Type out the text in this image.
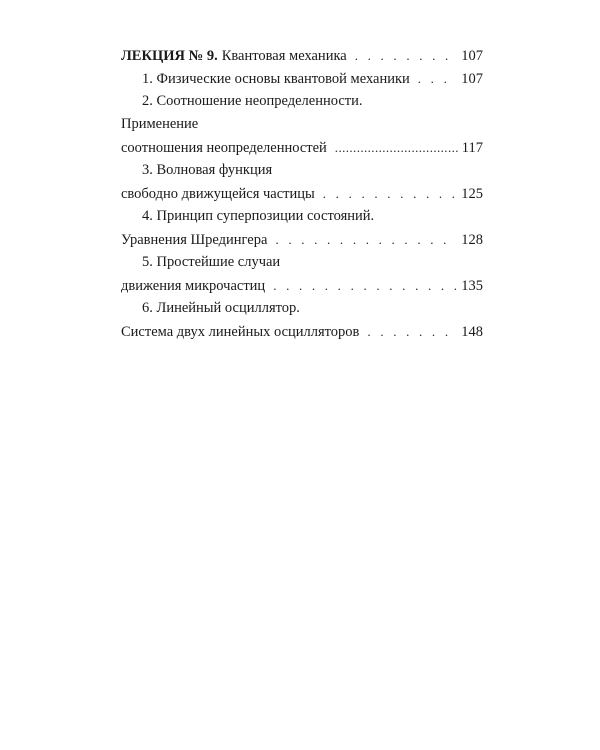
ЛЕКЦИЯ № 9. Квантовая механика . . .	107
1. Физические основы квантовой механики . . .	107
2. Соотношение неопределенности.
Применение
соотношения неопределенностей .....	117
3. Волновая функция
свободно движущейся частицы . . .	125
4. Принцип суперпозиции состояний.
Уравнения Шредингера . . .	128
5. Простейшие случаи
движения микрочастиц . . .	135
6. Линейный осциллятор.
Система двух линейных осцилляторов . . .	148
